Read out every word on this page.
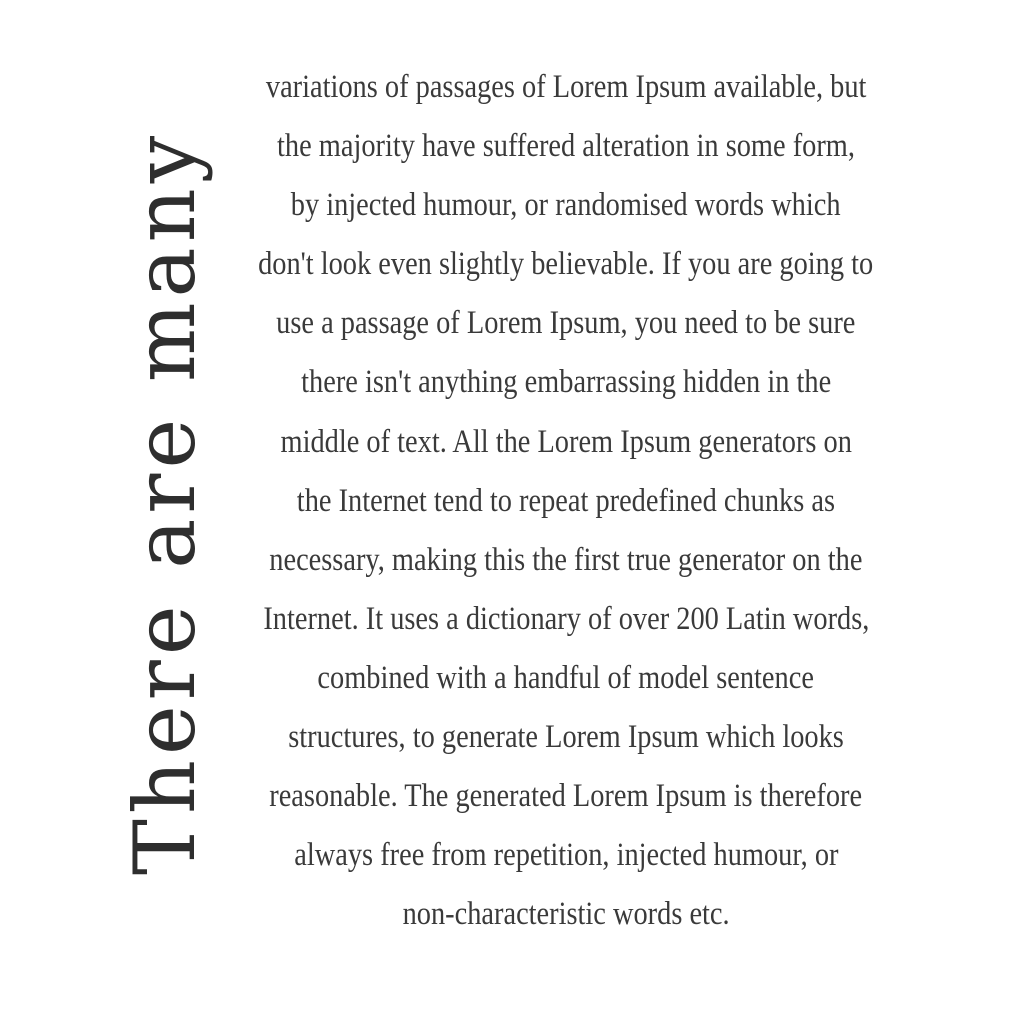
There are many
variations of passages of Lorem Ipsum available, but
the majority have suffered alteration in some form,
by injected humour, or randomised words which
don't look even slightly believable. If you are going to
use a passage of Lorem Ipsum, you need to be sure
there isn't anything embarrassing hidden in the
middle of text. All the Lorem Ipsum generators on
the Internet tend to repeat predefined chunks as
necessary, making this the first true generator on the
Internet. It uses a dictionary of over 200 Latin words,
combined with a handful of model sentence
structures, to generate Lorem Ipsum which looks
reasonable. The generated Lorem Ipsum is therefore
always free from repetition, injected humour, or
non-characteristic words etc.
